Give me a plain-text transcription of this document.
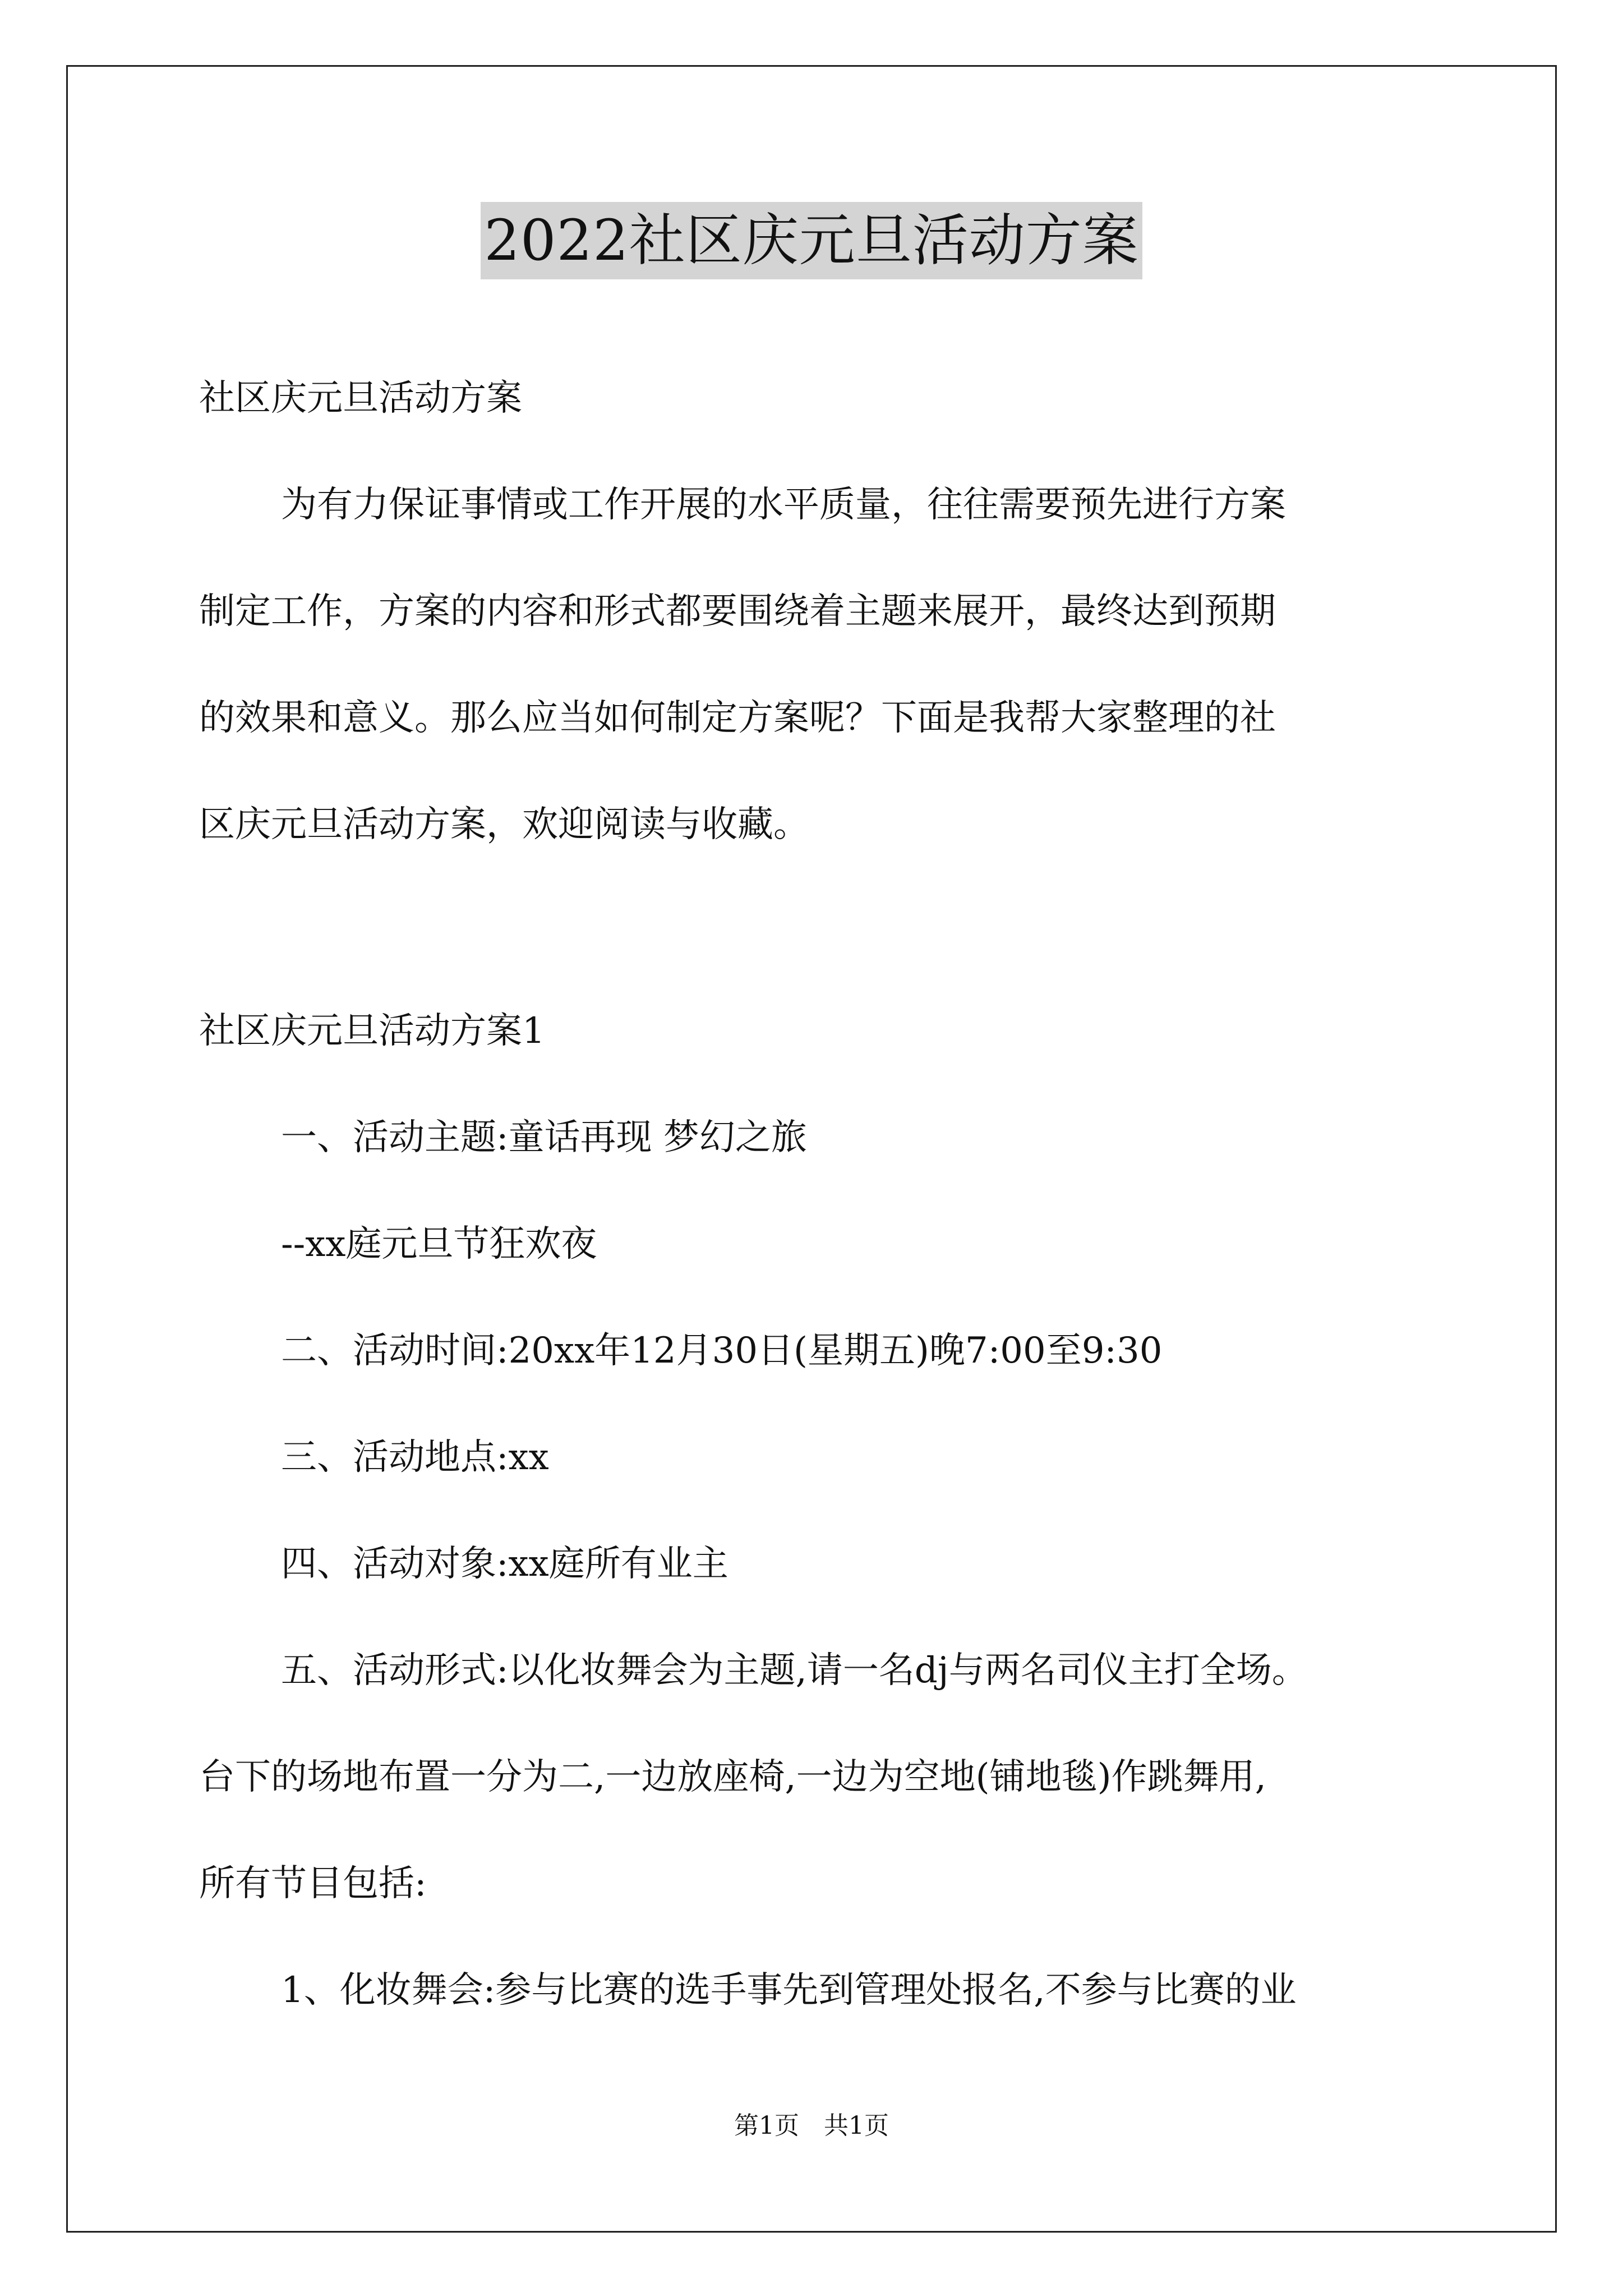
2022社区庆元旦活动方案

社区庆元旦活动方案

为有力保证事情或工作开展的水平质量，往往需要预先进行方案

制定工作，方案的内容和形式都要围绕着主题来展开，最终达到预期

的效果和意义。那么应当如何制定方案呢？下面是我帮大家整理的社

区庆元旦活动方案，欢迎阅读与收藏。

社区庆元旦活动方案1

一、活动主题:童话再现 梦幻之旅

--xx庭元旦节狂欢夜

二、活动时间:20xx年12月30日(星期五)晚7:00至9:30

三、活动地点:xx

四、活动对象:xx庭所有业主

五、活动形式:以化妆舞会为主题,请一名dj与两名司仪主打全场。

台下的场地布置一分为二,一边放座椅,一边为空地(铺地毯)作跳舞用,

所有节目包括:

1、化妆舞会:参与比赛的选手事先到管理处报名,不参与比赛的业

第1页　共1页
